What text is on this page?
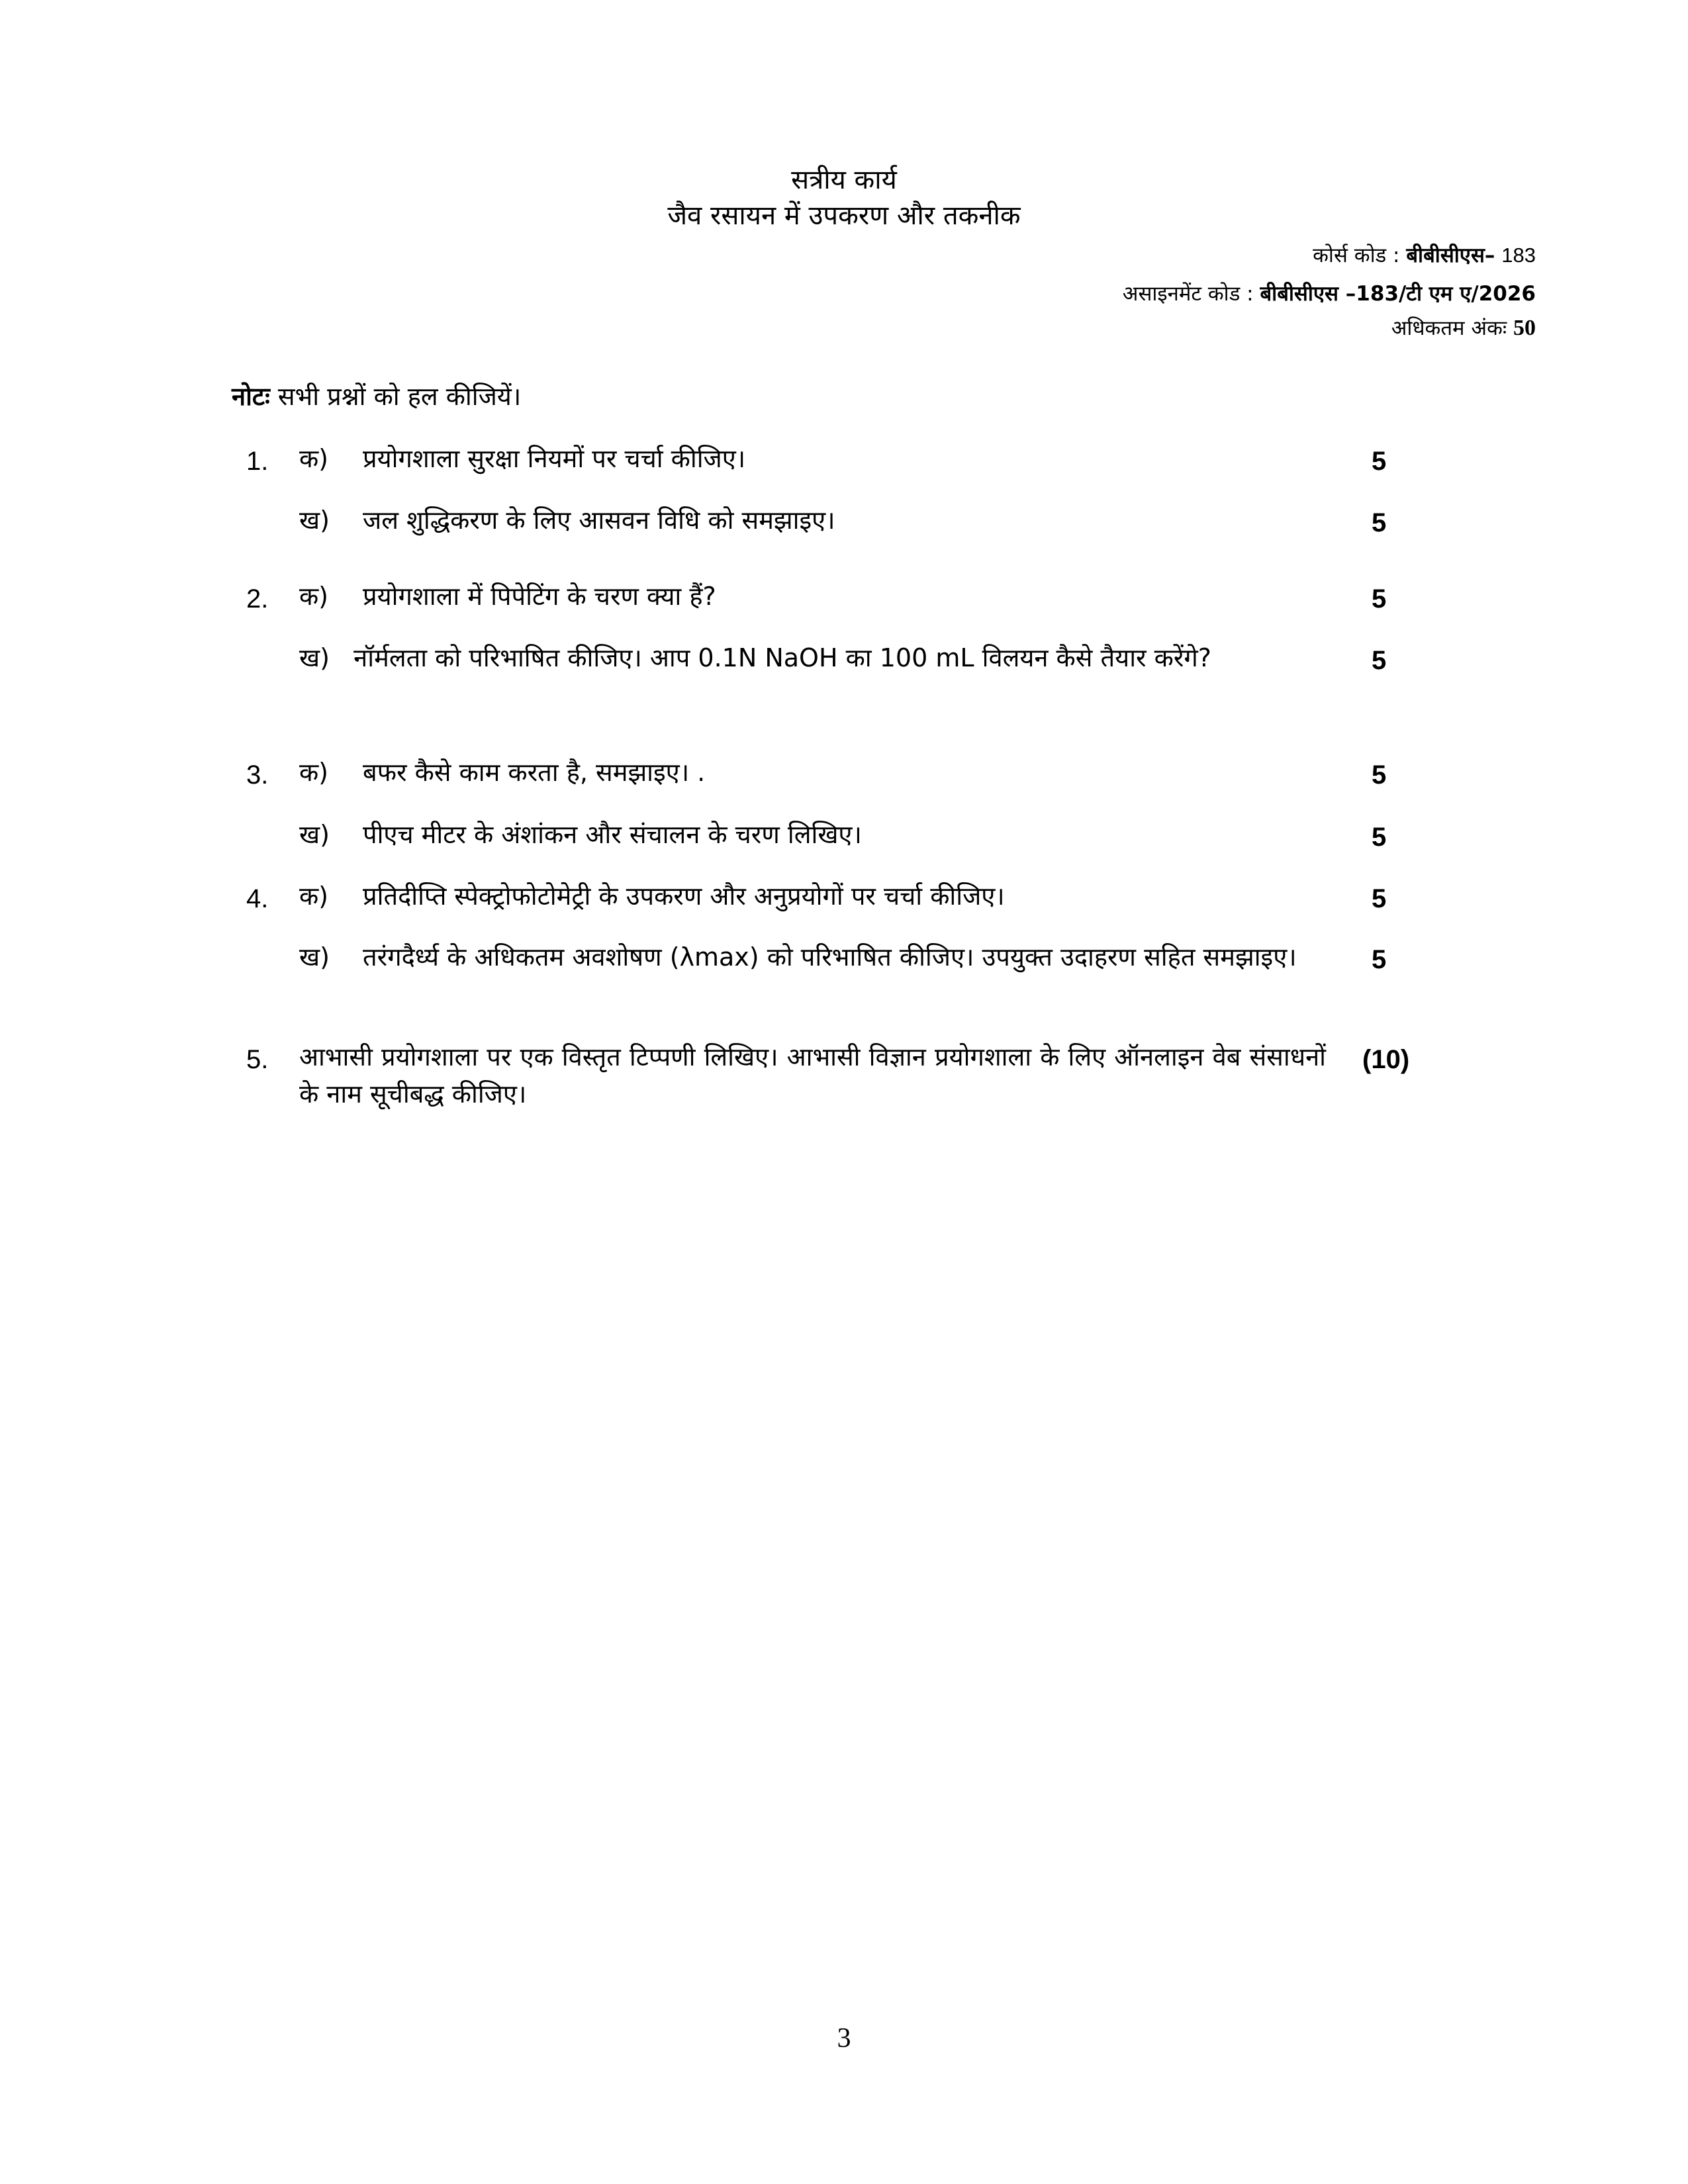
सत्रीय कार्य
जैव रसायन में उपकरण और तकनीक
कोर्स कोड : बीबीसीएस– 183
असाइनमेंट कोड : बीबीसीएस –183/टी एम ए/2026
अधिकतम अंकः 50
नोटः सभी प्रश्नों को हल कीजियें।
1.	क)	प्रयोगशाला सुरक्षा नियमों पर चर्चा कीजिए।	5
ख)	जल शुद्धिकरण के लिए आसवन विधि को समझाइए।	5
2.	क)	प्रयोगशाला में पिपेटिंग के चरण क्या हैं?	5
ख) नॉर्मलता को परिभाषित कीजिए। आप 0.1N NaOH का 100 mL विलयन कैसे तैयार करेंगे?	5
3.	क)	बफर कैसे काम करता है, समझाइए। .	5
ख)	पीएच मीटर के अंशांकन और संचालन के चरण लिखिए।	5
4.	क)	प्रतिदीप्ति स्पेक्ट्रोफोटोमेट्री के उपकरण और अनुप्रयोगों पर चर्चा कीजिए।	5
ख)	तरंगदैर्ध्य के अधिकतम अवशोषण (λmax) को परिभाषित कीजिए। उपयुक्त उदाहरण सहित समझाइए।	5
5.	आभासी प्रयोगशाला पर एक विस्तृत टिप्पणी लिखिए। आभासी विज्ञान प्रयोगशाला के लिए ऑनलाइन वेब संसाधनों के नाम सूचीबद्ध कीजिए।
(10)
3
